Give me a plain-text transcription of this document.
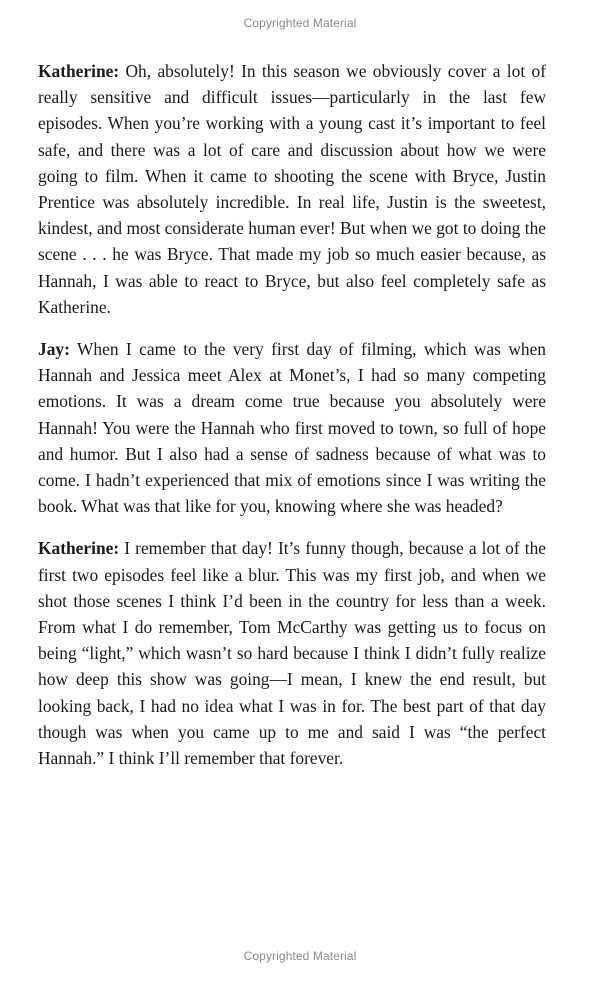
Copyrighted Material

Katherine: Oh, absolutely! In this season we obviously cover a lot of really sensitive and difficult issues—particularly in the last few episodes. When you’re working with a young cast it’s important to feel safe, and there was a lot of care and discussion about how we were going to film. When it came to shooting the scene with Bryce, Justin Prentice was absolutely incredible. In real life, Justin is the sweetest, kindest, and most considerate human ever! But when we got to doing the scene . . . he was Bryce. That made my job so much easier because, as Hannah, I was able to react to Bryce, but also feel completely safe as Katherine.

Jay: When I came to the very first day of filming, which was when Hannah and Jessica meet Alex at Monet’s, I had so many competing emotions. It was a dream come true because you absolutely were Hannah! You were the Hannah who first moved to town, so full of hope and humor. But I also had a sense of sadness because of what was to come. I hadn’t experienced that mix of emotions since I was writing the book. What was that like for you, knowing where she was headed?

Katherine: I remember that day! It’s funny though, because a lot of the first two episodes feel like a blur. This was my first job, and when we shot those scenes I think I’d been in the country for less than a week. From what I do remember, Tom McCarthy was getting us to focus on being “light,” which wasn’t so hard because I think I didn’t fully realize how deep this show was going—I mean, I knew the end result, but looking back, I had no idea what I was in for. The best part of that day though was when you came up to me and said I was “the perfect Hannah.” I think I’ll remember that forever.

Copyrighted Material
